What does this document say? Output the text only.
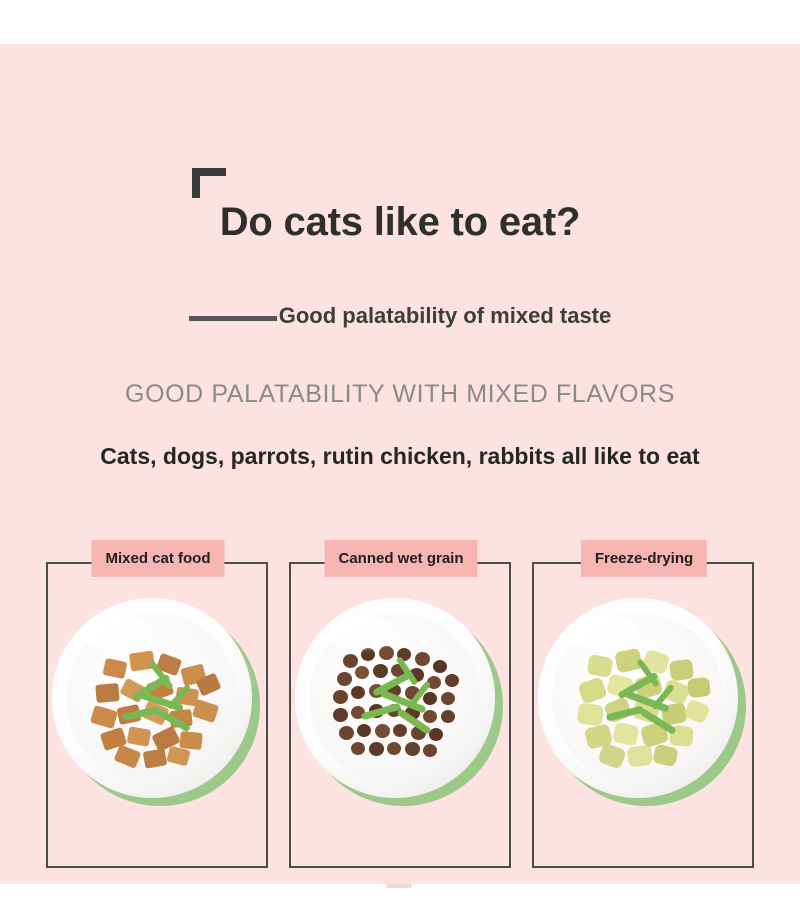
Do cats like to eat?
Good palatability of mixed taste
GOOD PALATABILITY WITH MIXED FLAVORS
Cats, dogs, parrots, rutin chicken, rabbits all like to eat
Mixed cat food	Canned wet grain	Freeze-drying
